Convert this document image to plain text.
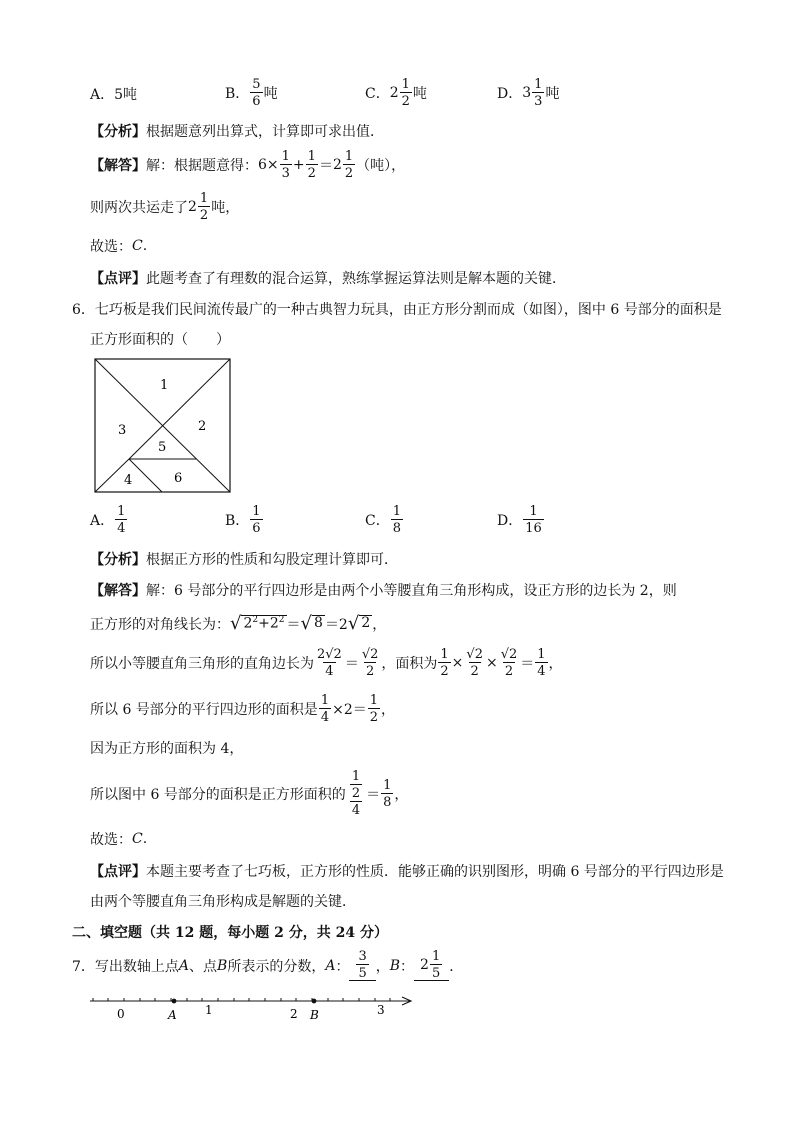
A． 5吨	B． $\frac{5}{6}$ 吨	C． $2 \frac{1}{2}$ 吨	D． $3 \frac{1}{3}$ 吨
【分析】 根据题意列出算式，计算即可求出值．
【解答】 解：根据题意得： $6\times \frac{1}{3} + \frac{1}{2} = 2 \frac{1}{2}$ （吨），
则两次共运走了 $2 \frac{1}{2}$ 吨，
故选： C .
【点评】 此题考查了有理数的混合运算，熟练掌握运算法则是解本题的关键．
6．七巧板是我们民间流传最广的一种古典智力玩具，由正方形分割而成（如图），图中 6 号部分的面积是
正方形面积的（　　）
1
2
3
4
5
6
A． $\frac{1}{4}$	B． $\frac{1}{6}$	C． $\frac{1}{8}$	D． $\frac{1}{16}$
【分析】 根据正方形的性质和勾股定理计算即可．
【解答】 解：6 号部分的平行四边形是由两个小等腰直角三角形构成，设正方形的边长为 2，则
正方形的对角线长为： √ $2^2+2^2$ ＝ √ 8 ＝2 √ 2 ，
所以小等腰直角三角形的直角边长为 $\frac{2√2}{4} = \frac{√2}{2}$ ，面积为 $\frac{1}{2} \times \frac{√2}{2} \times \frac{√2}{2} = \frac{1}{4}$ ，
所以 6 号部分的平行四边形的面积是 $\frac{1}{4} \times 2= \frac{1}{2}$ ，
因为正方形的面积为 4，
所以图中 6 号部分的面积是正方形面积的 $\frac{\frac{1}{2}}{4} = \frac{1}{8}$ ，
故选： C .
【点评】 本题主要考查了七巧板，正方形的性质．能够正确的识别图形，明确 6 号部分的平行四边形是
由两个等腰直角三角形构成是解题的关键．
二、填空题（共 12 题，每小题 2 分，共 24 分）
7．写出数轴上点 A 、点 B 所表示的分数， A ： $\frac{3}{5}$ ， B ： $2 \frac{1}{5}$ ．
0	1	2	3
A	B
